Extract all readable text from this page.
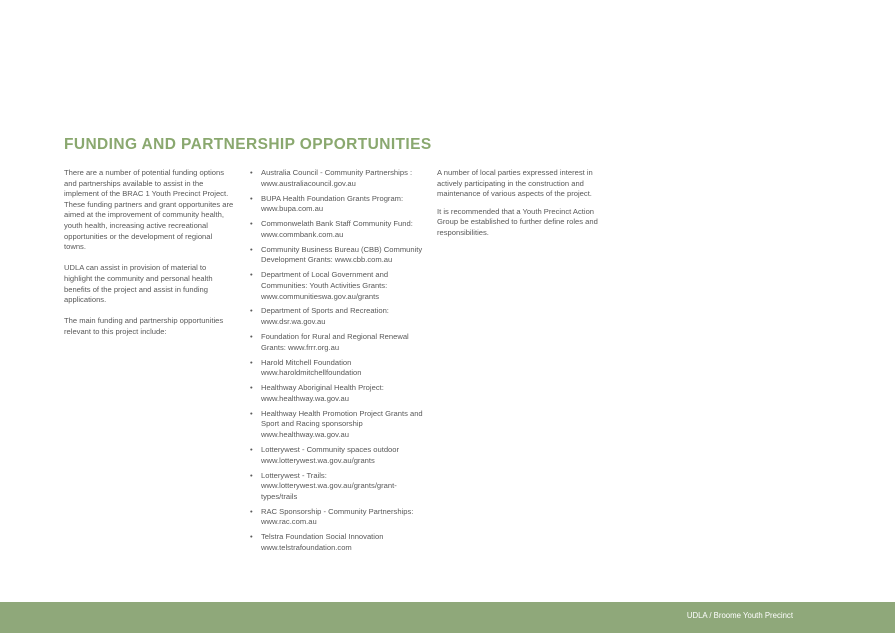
FUNDING AND PARTNERSHIP OPPORTUNITIES

There are a number of potential funding options and partnerships available to assist in the implement of the BRAC 1 Youth Precinct Project. These funding partners and grant opportunites are aimed at the improvement of community health, youth health, increasing active recreational opportunities or the development of regional towns.

UDLA can assist in provision of material to highlight the community and personal health benefits of the project and assist in funding applications.

The main funding and partnership opportunities relevant to this project include:

• Australia Council - Community Partnerships : www.australiacouncil.gov.au
• BUPA Health Foundation Grants Program: www.bupa.com.au
• Commonwelath Bank Staff Community Fund: www.commbank.com.au
• Community Business Bureau (CBB) Community Development Grants: www.cbb.com.au
• Department of Local Government and Communities: Youth Activities Grants: www.communitieswa.gov.au/grants
• Department of Sports and Recreation: www.dsr.wa.gov.au
• Foundation for Rural and Regional Renewal Grants: www.frrr.org.au
• Harold Mitchell Foundation www.haroldmitchellfoundation
• Healthway Aboriginal Health Project: www.healthway.wa.gov.au
• Healthway Health Promotion Project Grants and Sport and Racing sponsorship www.healthway.wa.gov.au
• Lotterywest - Community spaces outdoor www.lotterywest.wa.gov.au/grants
• Lotterywest - Trails: www.lotterywest.wa.gov.au/grants/grant-types/trails
• RAC Sponsorship - Community Partnerships: www.rac.com.au
• Telstra Foundation Social Innovation www.telstrafoundation.com

A number of local parties expressed interest in actively participating in the construction and maintenance of various aspects of the project.

It is recommended that a Youth Precinct Action Group be established to further define roles and responsibilities.

UDLA / Broome Youth Precinct
